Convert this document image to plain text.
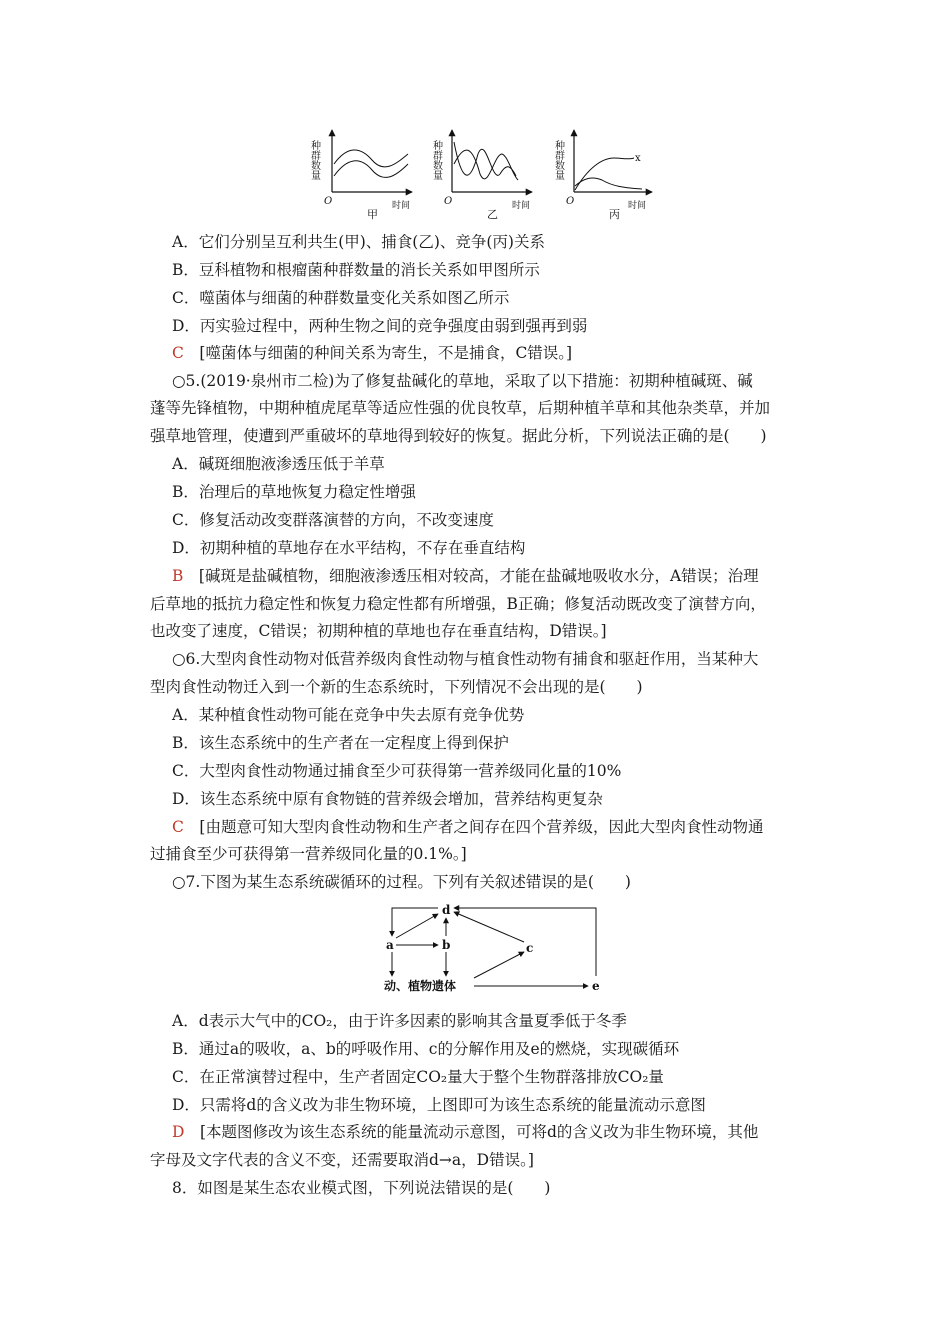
种群数量
O	时间
甲
种群数量
O	时间
乙
种群数量	x
O	时间
丙
A．它们分别呈互利共生(甲)、捕食(乙)、竞争(丙)关系
B．豆科植物和根瘤菌种群数量的消长关系如甲图所示
C．噬菌体与细菌的种群数量变化关系如图乙所示
D．丙实验过程中，两种生物之间的竞争强度由弱到强再到弱
C　 [噬菌体与细菌的种间关系为寄生，不是捕食，C错误。]
○5.(2019·泉州市二检)为了修复盐碱化的草地，采取了以下措施：初期种植碱斑、碱
蓬等先锋植物，中期种植虎尾草等适应性强的优良牧草，后期种植羊草和其他杂类草，并加
强草地管理，使遭到严重破坏的草地得到较好的恢复。据此分析，下列说法正确的是(　　)
A．碱斑细胞液渗透压低于羊草
B．治理后的草地恢复力稳定性增强
C．修复活动改变群落演替的方向，不改变速度
D．初期种植的草地存在水平结构，不存在垂直结构
B　 [碱斑是盐碱植物，细胞液渗透压相对较高，才能在盐碱地吸收水分，A错误；治理
后草地的抵抗力稳定性和恢复力稳定性都有所增强，B正确；修复活动既改变了演替方向，
也改变了速度，C错误；初期种植的草地也存在垂直结构，D错误。]
○6.大型肉食性动物对低营养级肉食性动物与植食性动物有捕食和驱赶作用，当某种大
型肉食性动物迁入到一个新的生态系统时，下列情况不会出现的是(　　)
A．某种植食性动物可能在竞争中失去原有竞争优势
B．该生态系统中的生产者在一定程度上得到保护
C．大型肉食性动物通过捕食至少可获得第一营养级同化量的10%
D．该生态系统中原有食物链的营养级会增加，营养结构更复杂
C　 [由题意可知大型肉食性动物和生产者之间存在四个营养级，因此大型肉食性动物通
过捕食至少可获得第一营养级同化量的0.1%。]
○7.下图为某生态系统碳循环的过程。下列有关叙述错误的是(　　)
d
a	b	c
e
动、植物遗体
A．d表示大气中的CO₂，由于许多因素的影响其含量夏季低于冬季
B．通过a的吸收，a、b的呼吸作用、c的分解作用及e的燃烧，实现碳循环
C．在正常演替过程中，生产者固定CO₂量大于整个生物群落排放CO₂量
D．只需将d的含义改为非生物环境，上图即可为该生态系统的能量流动示意图
D　 [本题图修改为该生态系统的能量流动示意图，可将d的含义改为非生物环境，其他
字母及文字代表的含义不变，还需要取消d→a，D错误。]
8．如图是某生态农业模式图，下列说法错误的是(　　)
